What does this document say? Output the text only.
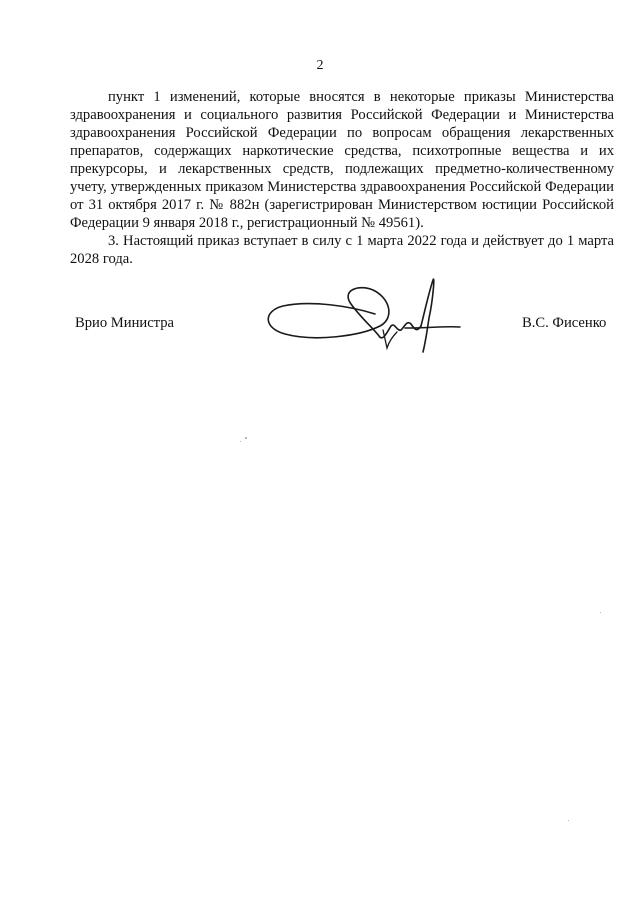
2

пункт 1 изменений, которые вносятся в некоторые приказы Министерства здравоохранения и социального развития Российской Федерации и Министерства здравоохранения Российской Федерации по вопросам обращения лекарственных препаратов, содержащих наркотические средства, психотропные вещества и их прекурсоры, и лекарственных средств, подлежащих предметно-количественному учету, утвержденных приказом Министерства здравоохранения Российской Федерации от 31 октября 2017 г. № 882н (зарегистрирован Министерством юстиции Российской Федерации 9 января 2018 г., регистрационный № 49561).

3. Настоящий приказ вступает в силу с 1 марта 2022 года и действует до 1 марта 2028 года.

Врио Министра	В.С. Фисенко
